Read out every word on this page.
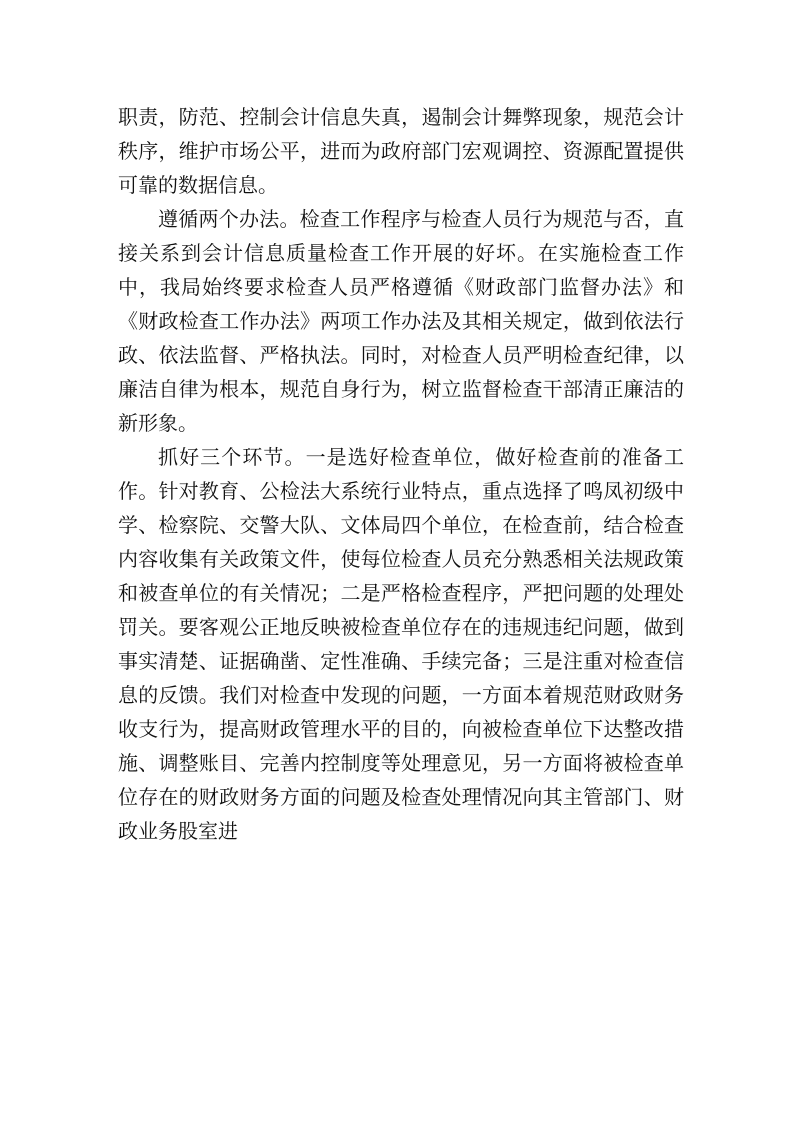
职责，防范、控制会计信息失真，遏制会计舞弊现象，规范会计秩序，维护市场公平，进而为政府部门宏观调控、资源配置提供可靠的数据信息。

遵循两个办法。检查工作程序与检查人员行为规范与否，直接关系到会计信息质量检查工作开展的好坏。在实施检查工作中，我局始终要求检查人员严格遵循《财政部门监督办法》和《财政检查工作办法》两项工作办法及其相关规定，做到依法行政、依法监督、严格执法。同时，对检查人员严明检查纪律，以廉洁自律为根本，规范自身行为，树立监督检查干部清正廉洁的新形象。

抓好三个环节。一是选好检查单位，做好检查前的准备工作。针对教育、公检法大系统行业特点，重点选择了鸣凤初级中学、检察院、交警大队、文体局四个单位，在检查前，结合检查内容收集有关政策文件，使每位检查人员充分熟悉相关法规政策和被查单位的有关情况；二是严格检查程序，严把问题的处理处罚关。要客观公正地反映被检查单位存在的违规违纪问题，做到事实清楚、证据确凿、定性准确、手续完备；三是注重对检查信息的反馈。我们对检查中发现的问题，一方面本着规范财政财务收支行为，提高财政管理水平的目的，向被检查单位下达整改措施、调整账目、完善内控制度等处理意见，另一方面将被检查单位存在的财政财务方面的问题及检查处理情况向其主管部门、财政业务股室进
